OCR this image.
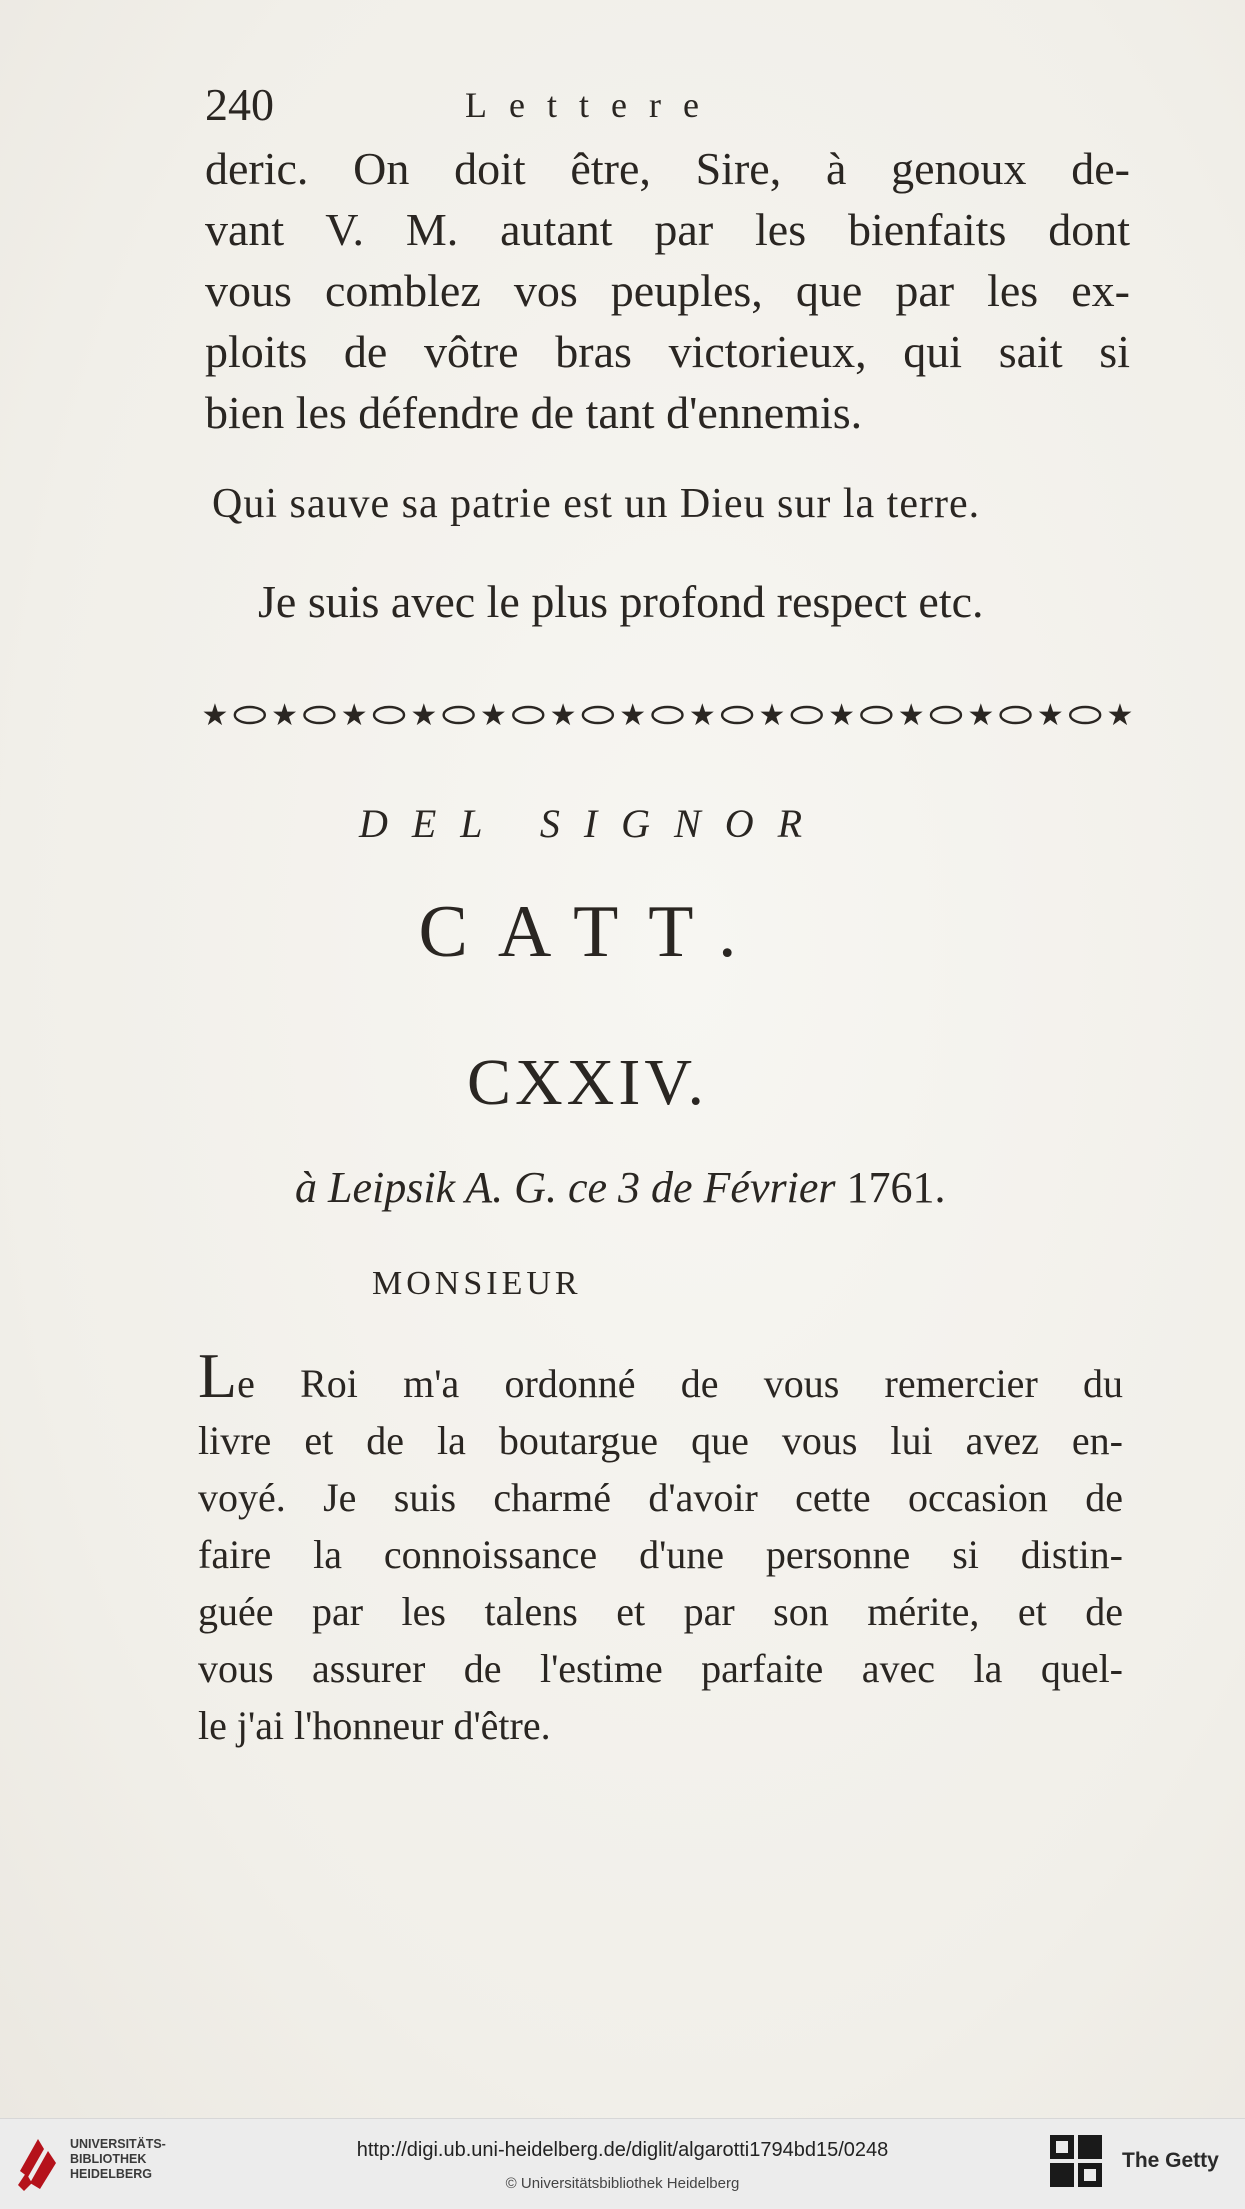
240	Lettere
deric. On doit être, Sire, à genoux de-
vant V. M. autant par les bienfaits dont
vous comblez vos peuples, que par les ex-
ploits de vôtre bras victorieux, qui sait si
bien les défendre de tant d'ennemis.
Qui sauve sa patrie est un Dieu sur la terre.
Je suis avec le plus profond respect etc.
★ ★ ★ ★ ★ ★ ★ ★ ★ ★ ★ ★ ★ ★
DEL SIGNOR
CATT.
CXXIV.
à Leipsik A. G. ce 3 de Février 1761.
MONSIEUR
Le Roi m'a ordonné de vous remercier du
livre et de la boutargue que vous lui avez en-
voyé. Je suis charmé d'avoir cette occasion de
faire la connoissance d'une personne si distin-
guée par les talens et par son mérite, et de
vous assurer de l'estime parfaite avec la quel-
le j'ai l'honneur d'être.
UNIVERSITÄTS-
BIBLIOTHEK
HEIDELBERG
http://digi.ub.uni-heidelberg.de/diglit/algarotti1794bd15/0248
© Universitätsbibliothek Heidelberg
The Getty
